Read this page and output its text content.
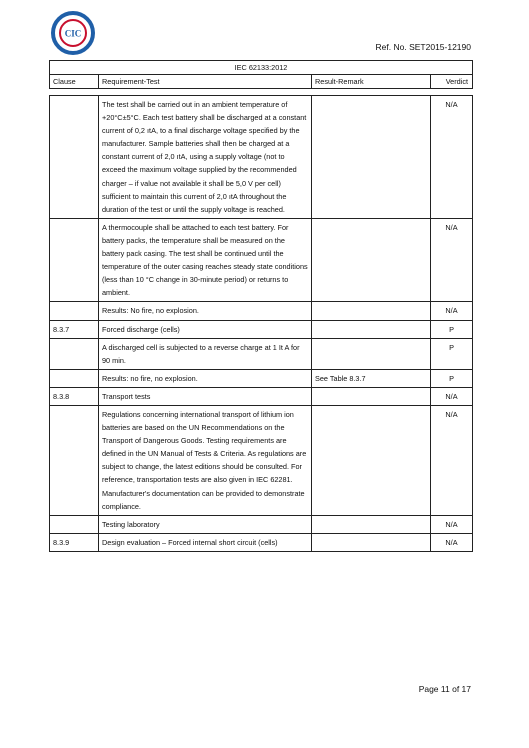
CIC
Ref. No. SET2015-12190
IEC 62133:2012			
Clause	Requirement-Test	Result-Remark	Verdict

	The test shall be carried out in an ambient temperature of +20°C±5°C. Each test battery shall be discharged at a constant current of 0,2 ıtA, to a final discharge voltage specified by the manufacturer. Sample batteries shall then be charged at a constant current of 2,0 ıtA, using a supply voltage (not to exceed the maximum voltage supplied by the recommended charger – if value not available it shall be 5,0 V per cell) sufficient to maintain this current of 2,0 ıtA throughout the duration of the test or until the supply voltage is reached.		N/A
	A thermocouple shall be attached to each test battery. For battery packs, the temperature shall be measured on the battery pack casing. The test shall be continued until the temperature of the outer casing reaches steady state conditions (less than 10 °C change in 30-minute period) or returns to ambient.		N/A
	Results: No fire, no explosion.		N/A
8.3.7	Forced discharge (cells)		P
	A discharged cell is subjected to a reverse charge at 1 It A for 90 min.		P
	Results: no fire, no explosion.	See Table 8.3.7	P
8.3.8	Transport tests		N/A
	Regulations concerning international transport of lithium ion batteries are based on the UN Recommendations on the Transport of Dangerous Goods. Testing requirements are defined in the UN Manual of Tests & Criteria. As regulations are subject to change, the latest editions should be consulted. For reference, transportation tests are also given in IEC 62281. Manufacturer's documentation can be provided to demonstrate compliance.		N/A
	Testing laboratory		N/A
8.3.9	Design evaluation – Forced internal short circuit (cells)		N/A
Page 11 of 17
